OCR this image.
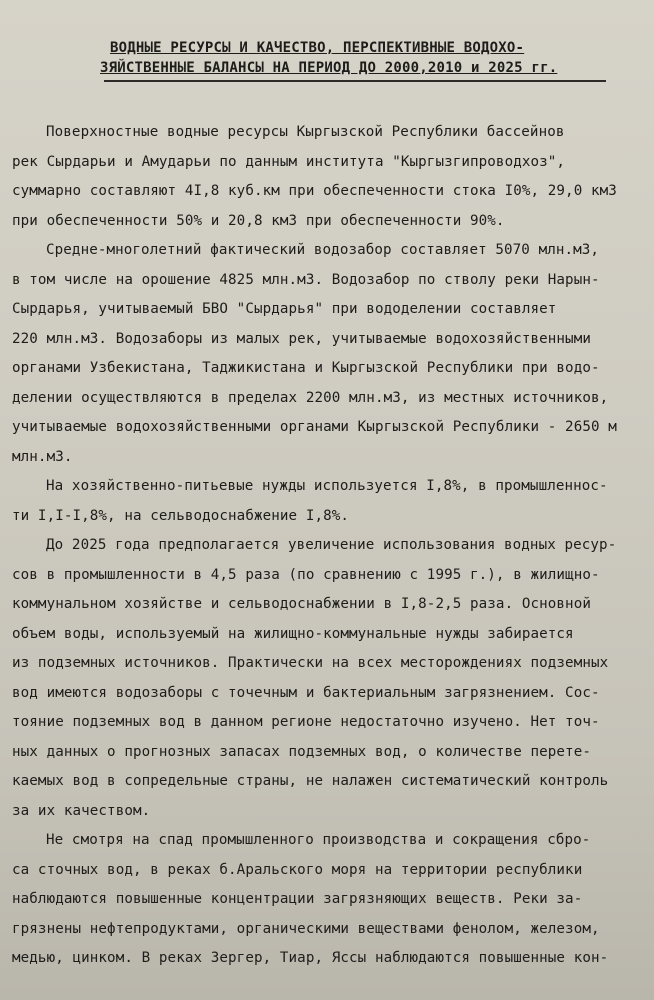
ВОДНЫЕ РЕСУРСЫ И КАЧЕСТВО, ПЕРСПЕКТИВНЫЕ ВОДОХО-
ЗЯЙСТВЕННЫЕ БАЛАНСЫ НА ПЕРИОД ДО 2000,2010 и 2025 гг.
Поверхностные водные ресурсы Кыргызской Республики бассейнов
рек Сырдарьи и Амударьи по данным института "Кыргызгипроводхоз",
суммарно составляют 4I,8 куб.км при обеспеченности стока I0%, 29,0 км3
при обеспеченности 50% и 20,8 км3 при обеспеченности 90%.
Средне-многолетний фактический водозабор составляет 5070 млн.м3,
в том числе на орошение 4825 млн.м3. Водозабор по стволу реки Нарын-
Сырдарья, учитываемый БВО "Сырдарья" при вододелении составляет
220 млн.м3. Водозаборы из малых рек, учитываемые водохозяйственными
органами Узбекистана, Таджикистана и Кыргызской Республики при водо-
делении осуществляются в пределах 2200 млн.м3, из местных источников,
учитываемые водохозяйственными органами Кыргызской Республики - 2650 м
млн.м3.
На хозяйственно-питьевые нужды используется I,8%, в промышленнос-
ти I,I-I,8%, на сельводоснабжение I,8%.
До 2025 года предполагается увеличение использования водных ресур-
сов в промышленности в 4,5 раза (по сравнению с 1995 г.), в жилищно-
коммунальном хозяйстве и сельводоснабжении в I,8-2,5 раза. Основной
объем воды, используемый на жилищно-коммунальные нужды забирается
из подземных источников. Практически на всех месторождениях подземных
вод имеются водозаборы с точечным и бактериальным загрязнением. Сос-
тояние подземных вод в данном регионе недостаточно изучено. Нет точ-
ных данных о прогнозных запасах подземных вод, о количестве перете-
каемых вод в сопредельные страны, не налажен систематический контроль
за их качеством.
Не смотря на спад промышленного производства и сокращения сбро-
са сточных вод, в реках б.Аральского моря на территории республики
наблюдаются повышенные концентрации загрязняющих веществ. Реки за-
грязнены нефтепродуктами, органическими веществами фенолом, железом,
медью, цинком. В реках Зергер, Тиар, Яссы наблюдаются повышенные кон-
